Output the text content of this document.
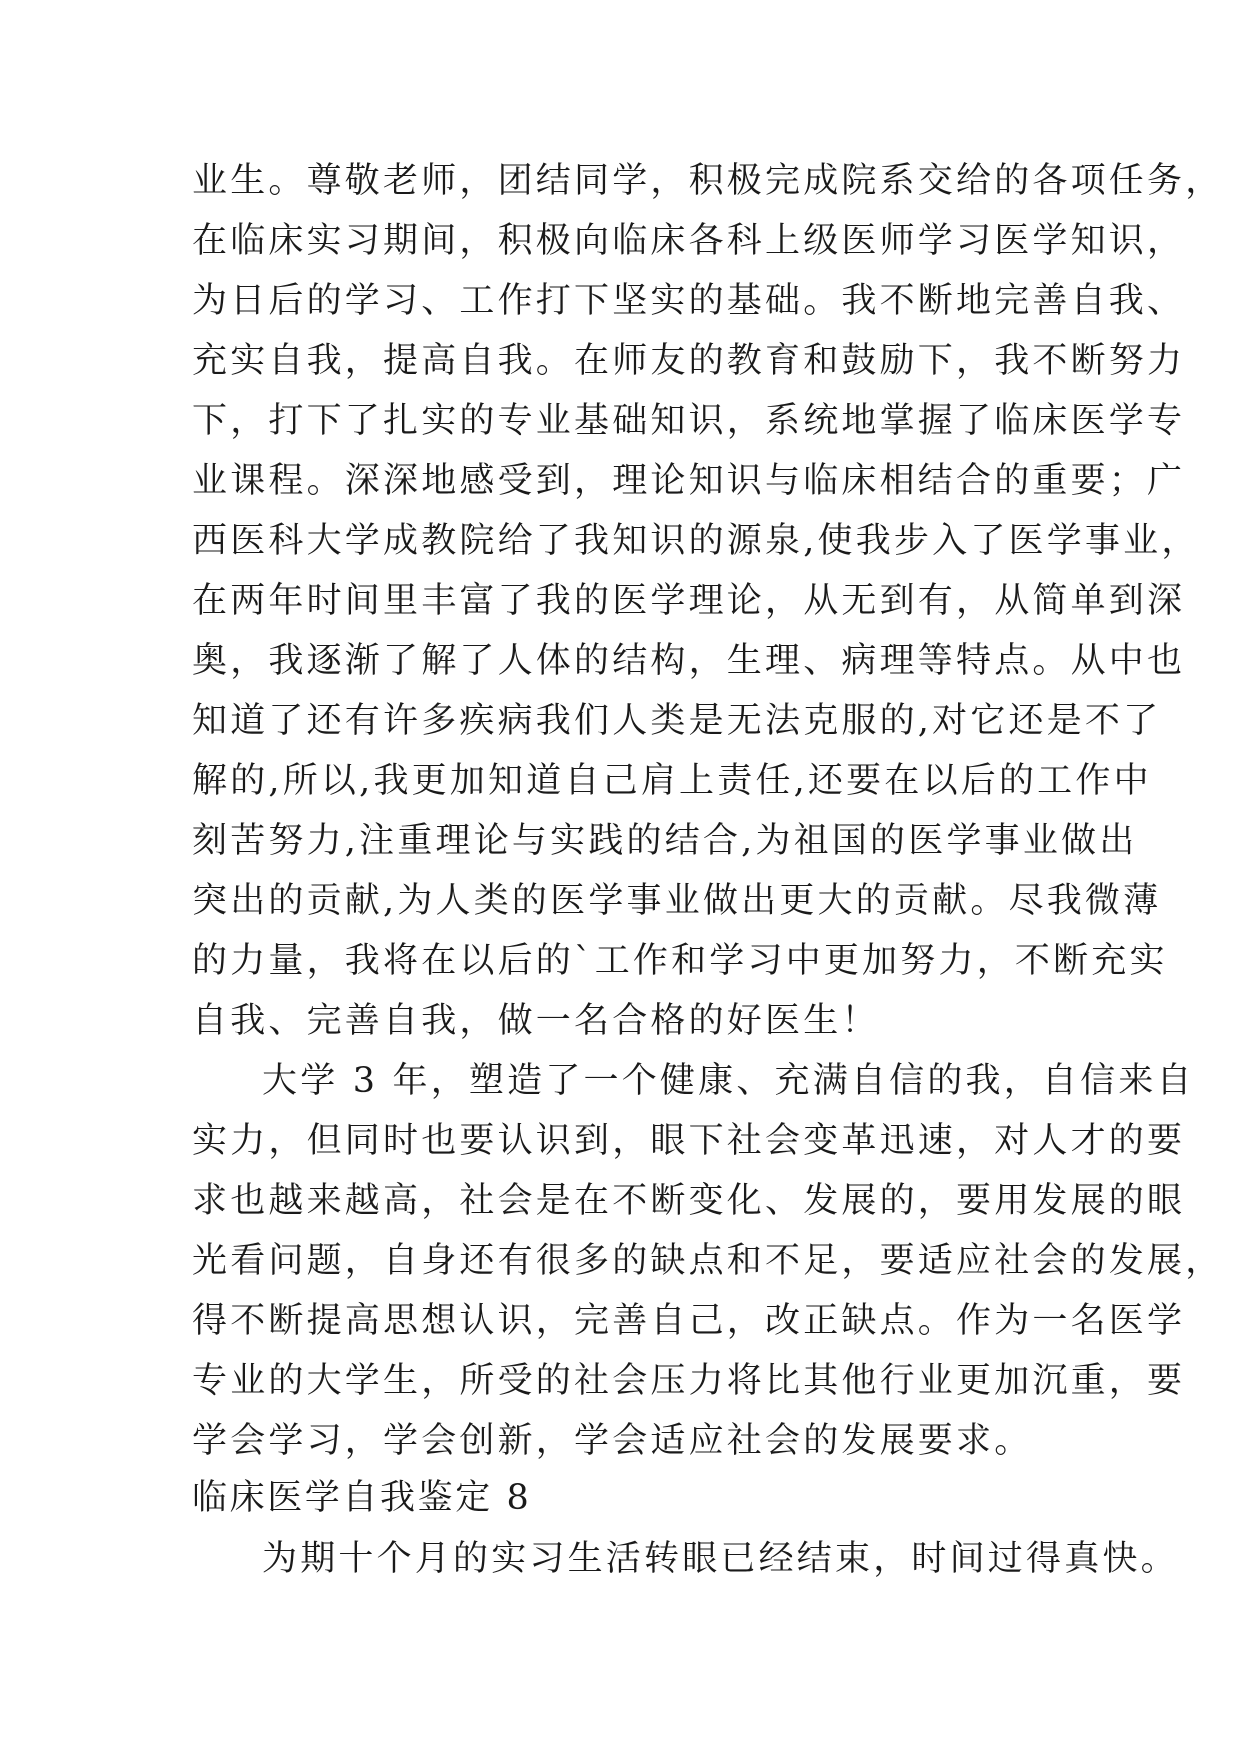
业生。尊敬老师，团结同学，积极完成院系交给的各项任务，
在临床实习期间，积极向临床各科上级医师学习医学知识，
为日后的学习、工作打下坚实的基础。我不断地完善自我、
充实自我，提高自我。在师友的教育和鼓励下，我不断努力
下，打下了扎实的专业基础知识，系统地掌握了临床医学专
业课程。深深地感受到，理论知识与临床相结合的重要；广
西医科大学成教院给了我知识的源泉,使我步入了医学事业，
在两年时间里丰富了我的医学理论，从无到有，从简单到深
奥，我逐渐了解了人体的结构，生理、病理等特点。从中也
知道了还有许多疾病我们人类是无法克服的,对它还是不了
解的,所以,我更加知道自己肩上责任,还要在以后的工作中
刻苦努力,注重理论与实践的结合,为祖国的医学事业做出
突出的贡献,为人类的医学事业做出更大的贡献。尽我微薄
的力量，我将在以后的`工作和学习中更加努力，不断充实
自我、完善自我，做一名合格的好医生！
大学 3 年，塑造了一个健康、充满自信的我，自信来自
实力，但同时也要认识到，眼下社会变革迅速，对人才的要
求也越来越高，社会是在不断变化、发展的，要用发展的眼
光看问题，自身还有很多的缺点和不足，要适应社会的发展，
得不断提高思想认识，完善自己，改正缺点。作为一名医学
专业的大学生，所受的社会压力将比其他行业更加沉重，要
学会学习，学会创新，学会适应社会的发展要求。
临床医学自我鉴定 8
为期十个月的实习生活转眼已经结束，时间过得真快。
